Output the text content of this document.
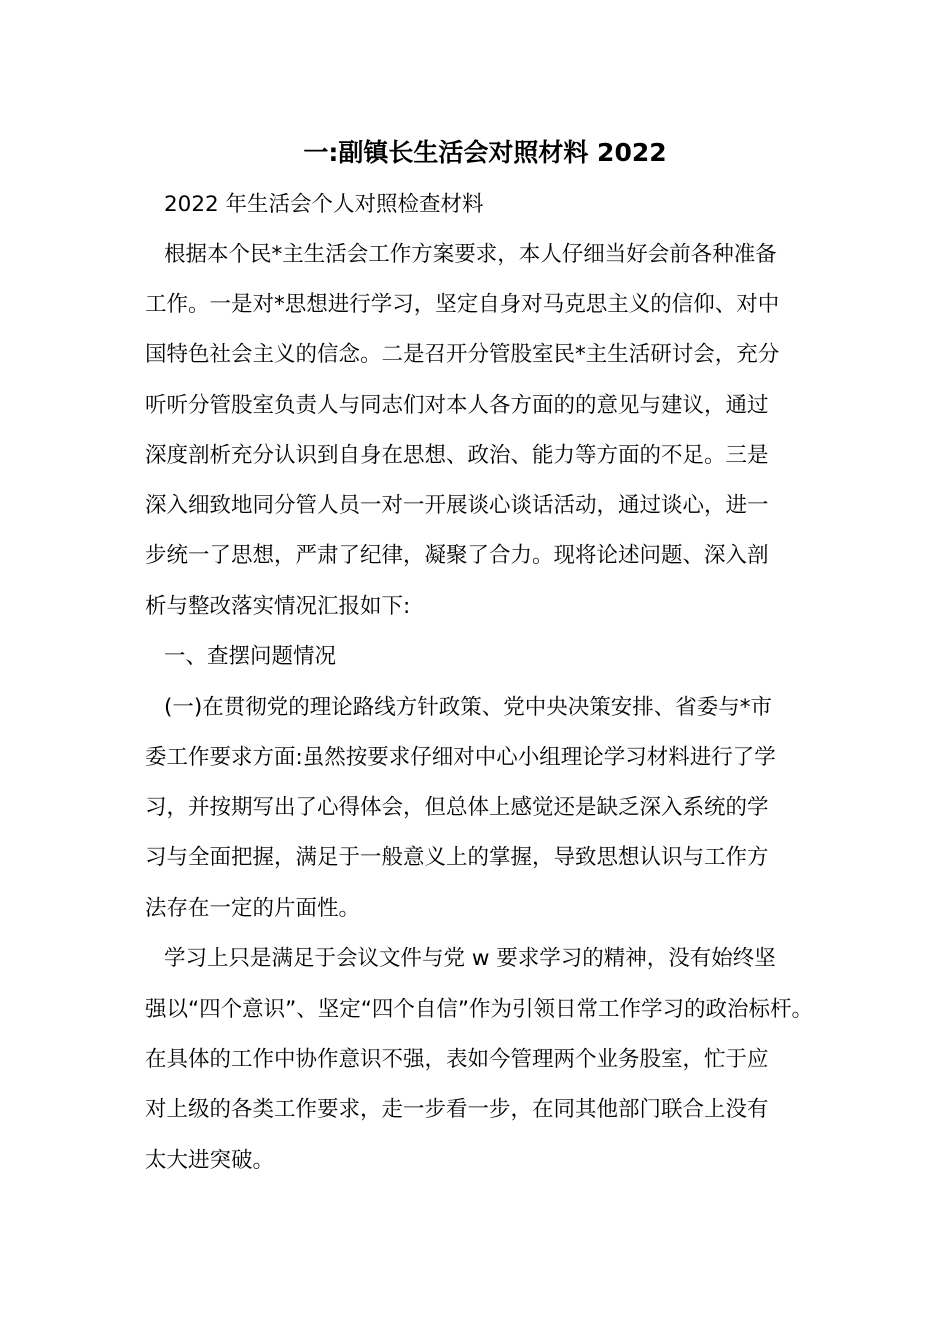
一:副镇长生活会对照材料 2022
2022 年生活会个人对照检查材料
根据本个民*主生活会工作方案要求，本人仔细当好会前各种准备
工作。一是对*思想进行学习，坚定自身对马克思主义的信仰、对中
国特色社会主义的信念。二是召开分管股室民*主生活研讨会，充分
听听分管股室负责人与同志们对本人各方面的的意见与建议，通过
深度剖析充分认识到自身在思想、政治、能力等方面的不足。三是
深入细致地同分管人员一对一开展谈心谈话活动，通过谈心，进一
步统一了思想，严肃了纪律，凝聚了合力。现将论述问题、深入剖
析与整改落实情况汇报如下:
一、查摆问题情况
(一)在贯彻党的理论路线方针政策、党中央决策安排、省委与*市
委工作要求方面:虽然按要求仔细对中心小组理论学习材料进行了学
习，并按期写出了心得体会，但总体上感觉还是缺乏深入系统的学
习与全面把握，满足于一般意义上的掌握，导致思想认识与工作方
法存在一定的片面性。
学习上只是满足于会议文件与党 w 要求学习的精神，没有始终坚
强以“四个意识”、坚定“四个自信”作为引领日常工作学习的政治标杆。
在具体的工作中协作意识不强，表如今管理两个业务股室，忙于应
对上级的各类工作要求，走一步看一步，在同其他部门联合上没有
太大进突破。
